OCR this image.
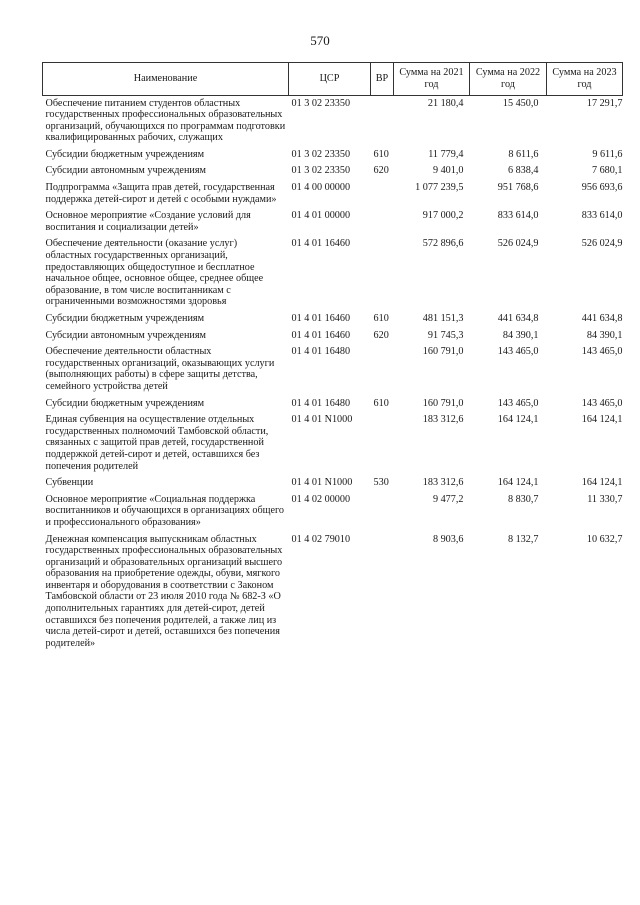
570
Наименование	ЦСР	ВР	Сумма на 2021 год	Сумма на 2022 год	Сумма на 2023 год
Обеспечение питанием студентов областных государственных профессиональных образовательных организаций, обучающихся по программам подготовки квалифицированных рабочих, служащих	01 3 02 23350		21 180,4	15 450,0	17 291,7
Субсидии бюджетным учреждениям	01 3 02 23350	610	11 779,4	8 611,6	9 611,6
Субсидии автономным учреждениям	01 3 02 23350	620	9 401,0	6 838,4	7 680,1
Подпрограмма «Защита прав детей, государственная поддержка детей-сирот и детей с особыми нуждами»	01 4 00 00000		1 077 239,5	951 768,6	956 693,6
Основное мероприятие «Создание условий для воспитания и социализации детей»	01 4 01 00000		917 000,2	833 614,0	833 614,0
Обеспечение деятельности (оказание услуг) областных государственных организаций, предоставляющих общедоступное и бесплатное начальное общее, основное общее, среднее общее образование, в том числе воспитанникам с ограниченными возможностями здоровья	01 4 01 16460		572 896,6	526 024,9	526 024,9
Субсидии бюджетным учреждениям	01 4 01 16460	610	481 151,3	441 634,8	441 634,8
Субсидии автономным учреждениям	01 4 01 16460	620	91 745,3	84 390,1	84 390,1
Обеспечение деятельности областных государственных организаций, оказывающих услуги (выполняющих работы) в сфере защиты детства, семейного устройства детей	01 4 01 16480		160 791,0	143 465,0	143 465,0
Субсидии бюджетным учреждениям	01 4 01 16480	610	160 791,0	143 465,0	143 465,0
Единая субвенция на осуществление отдельных государственных полномочий Тамбовской области, связанных с защитой прав детей, государственной поддержкой детей-сирот и детей, оставшихся без попечения родителей	01 4 01 N1000		183 312,6	164 124,1	164 124,1
Субвенции	01 4 01 N1000	530	183 312,6	164 124,1	164 124,1
Основное мероприятие «Социальная поддержка воспитанников и обучающихся в организациях общего и профессионального образования»	01 4 02 00000		9 477,2	8 830,7	11 330,7
Денежная компенсация выпускникам областных государственных профессиональных образовательных организаций и образовательных организаций высшего образования на приобретение одежды, обуви, мягкого инвентаря и оборудования в соответствии с Законом Тамбовской области от 23 июля 2010 года № 682-З «О дополнительных гарантиях для детей-сирот, детей оставшихся без попечения родителей, а также лиц из числа детей-сирот и детей, оставшихся без попечения родителей»	01 4 02 79010		8 903,6	8 132,7	10 632,7
